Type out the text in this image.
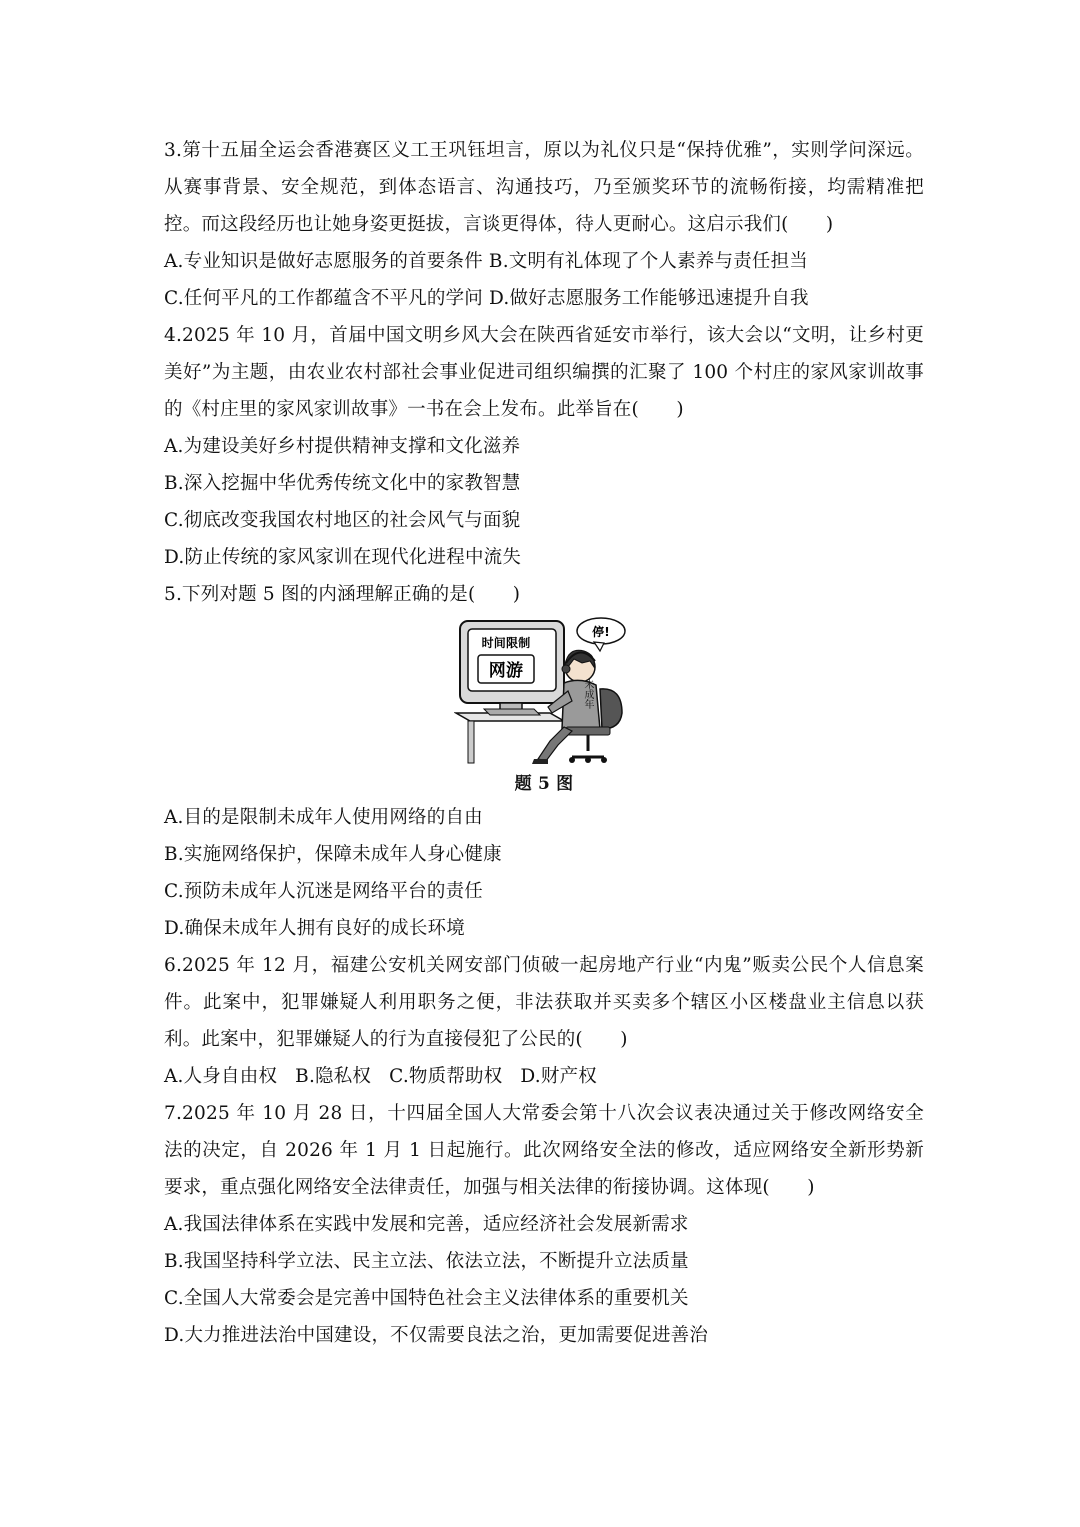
3.第十五届全运会香港赛区义工王巩钰坦言，原以为礼仪只是“保持优雅”，实则学问深远。从赛事背景、安全规范，到体态语言、沟通技巧，乃至颁奖环节的流畅衔接，均需精准把控。而这段经历也让她身姿更挺拔，言谈更得体，待人更耐心。这启示我们(　　)

A.专业知识是做好志愿服务的首要条件 B.文明有礼体现了个人素养与责任担当

C.任何平凡的工作都蕴含不平凡的学问 D.做好志愿服务工作能够迅速提升自我

4.2025 年 10 月，首届中国文明乡风大会在陕西省延安市举行，该大会以“文明，让乡村更美好”为主题，由农业农村部社会事业促进司组织编撰的汇聚了 100 个村庄的家风家训故事的《村庄里的家风家训故事》一书在会上发布。此举旨在(　　)

A.为建设美好乡村提供精神支撑和文化滋养

B.深入挖掘中华优秀传统文化中的家教智慧

C.彻底改变我国农村地区的社会风气与面貌

D.防止传统的家风家训在现代化进程中流失

5.下列对题 5 图的内涵理解正确的是(　　)

时间限制
网游
停!
未成年
题 5 图

A.目的是限制未成年人使用网络的自由

B.实施网络保护，保障未成年人身心健康

C.预防未成年人沉迷是网络平台的责任

D.确保未成年人拥有良好的成长环境

6.2025 年 12 月，福建公安机关网安部门侦破一起房地产行业“内鬼”贩卖公民个人信息案件。此案中，犯罪嫌疑人利用职务之便，非法获取并买卖多个辖区小区楼盘业主信息以获利。此案中，犯罪嫌疑人的行为直接侵犯了公民的(　　)

A.人身自由权 B.隐私权 C.物质帮助权 D.财产权

7.2025 年 10 月 28 日，十四届全国人大常委会第十八次会议表决通过关于修改网络安全法的决定，自 2026 年 1 月 1 日起施行。此次网络安全法的修改，适应网络安全新形势新要求，重点强化网络安全法律责任，加强与相关法律的衔接协调。这体现(　　)

A.我国法律体系在实践中发展和完善，适应经济社会发展新需求

B.我国坚持科学立法、民主立法、依法立法，不断提升立法质量

C.全国人大常委会是完善中国特色社会主义法律体系的重要机关

D.大力推进法治中国建设，不仅需要良法之治，更加需要促进善治
